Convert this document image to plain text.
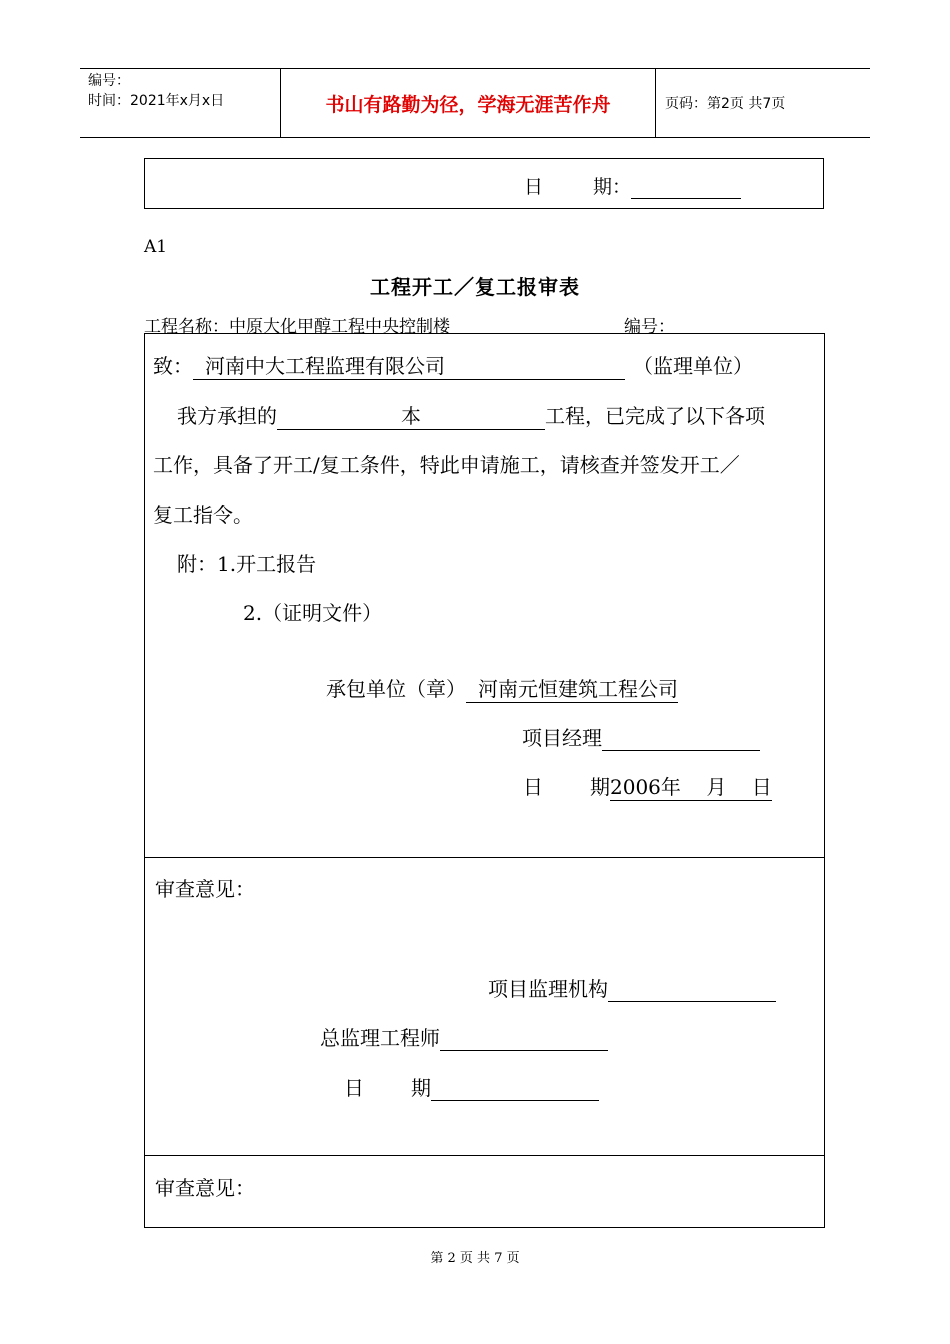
编号：
时间：2021年x月x日	书山有路勤为径，学海无涯苦作舟	页码：第2页 共7页
日	期：
A1
工程开工／复工报审表
工程名称：中原大化甲醇工程中央控制楼	编号：
致： 河南中大工程监理有限公司	（监理单位）
我方承担的	本	工程，已完成了以下各项
工作，具备了开工/复工条件，特此申请施工，请核查并签发开工／
复工指令。
附：1.开工报告
2.（证明文件）
承包单位（章） 河南元恒建筑工程公司
项目经理
日 期2006年    月    日
审查意见：
项目监理机构
总监理工程师
日 期
审查意见：
第 2 页 共 7 页
